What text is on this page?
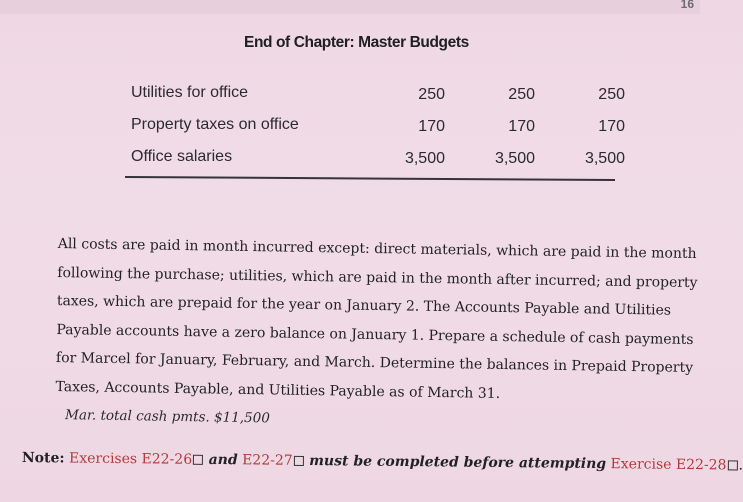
16
End of Chapter: Master Budgets
Utilities for office	250	250	250
Property taxes on office	170	170	170
Office salaries	3,500	3,500	3,500
All costs are paid in month incurred except: direct materials, which are paid in the month
following the purchase; utilities, which are paid in the month after incurred; and property
taxes, which are prepaid for the year on January 2. The Accounts Payable and Utilities
Payable accounts have a zero balance on January 1. Prepare a schedule of cash payments
for Marcel for January, February, and March. Determine the balances in Prepaid Property
Taxes, Accounts Payable, and Utilities Payable as of March 31.
Mar. total cash pmts. $11,500
Note: Exercises E22-26 and E22-27 must be completed before attempting Exercise E22-28 .
